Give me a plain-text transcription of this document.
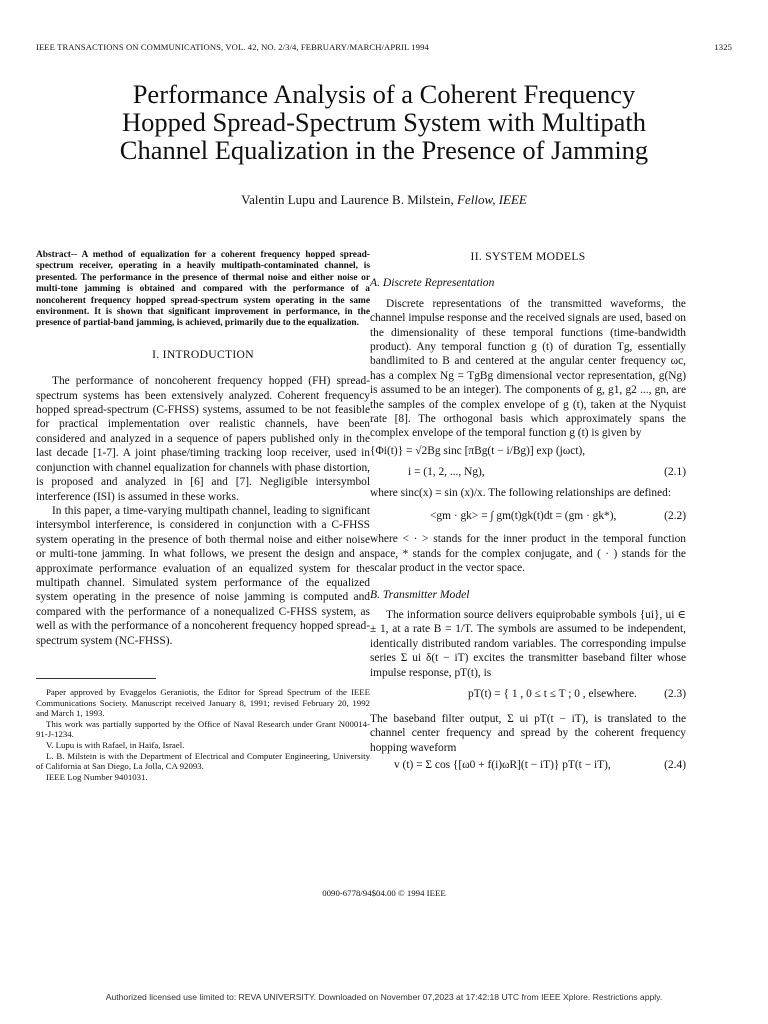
IEEE TRANSACTIONS ON COMMUNICATIONS, VOL. 42, NO. 2/3/4, FEBRUARY/MARCH/APRIL 1994	1325
Performance Analysis of a Coherent Frequency
Hopped Spread-Spectrum System with Multipath
Channel Equalization in the Presence of Jamming
Valentin Lupu and Laurence B. Milstein, Fellow, IEEE
Abstract-- A method of equalization for a coherent frequency hopped spread-spectrum receiver, operating in a heavily multipath-contaminated channel, is presented. The performance in the presence of thermal noise and either noise or multi-tone jamming is obtained and compared with the performance of a noncoherent frequency hopped spread-spectrum system operating in the same environment. It is shown that significant improvement in performance, in the presence of partial-band jamming, is achieved, primarily due to the equalization.
I. INTRODUCTION

The performance of noncoherent frequency hopped (FH) spread-spectrum systems has been extensively analyzed. Coherent frequency hopped spread-spectrum (C-FHSS) systems, assumed to be not feasible for practical implementation over realistic channels, have been considered and analyzed in a sequence of papers published only in the last decade [1-7]. A joint phase/timing tracking loop receiver, used in conjunction with channel equalization for channels with phase distortion, is proposed and analyzed in [6] and [7]. Negligible intersymbol interference (ISI) is assumed in these works.

In this paper, a time-varying multipath channel, leading to significant intersymbol interference, is considered in conjunction with a C-FHSS system operating in the presence of both thermal noise and either noise or multi-tone jamming. In what follows, we present the design and an approximate performance evaluation of an equalized system for the multipath channel. Simulated system performance of the equalized system operating in the presence of noise jamming is computed and compared with the performance of a nonequalized C-FHSS system, as well as with the performance of a noncoherent frequency hopped spread-spectrum system (NC-FHSS).

Paper approved by Evaggelos Geraniotis, the Editor for Spread Spectrum of the IEEE Communications Society. Manuscript received January 8, 1991; revised February 20, 1992 and March 1, 1993.

This work was partially supported by the Office of Naval Research under Grant N00014-91-J-1234.

V. Lupu is with Rafael, in Haifa, Israel.

L. B. Milstein is with the Department of Electrical and Computer Engineering, University of California at San Diego, La Jolla, CA 92093.

IEEE Log Number 9401031.

II. SYSTEM MODELS
A. Discrete Representation

Discrete representations of the transmitted waveforms, the channel impulse response and the received signals are used, based on the dimensionality of these temporal functions (time-bandwidth product). Any temporal function g (t) of duration Tg, essentially bandlimited to B and centered at the angular center frequency ωc, has a complex Ng = TgBg dimensional vector representation, g(Ng) is assumed to be an integer). The components of g, g1, g2 ..., gn, are the samples of the complex envelope of g (t), taken at the Nyquist rate [8]. The orthogonal basis which approximately spans the complex envelope of the temporal function g (t) is given by

{Φi(t)} = √2Bg sinc [πBg(t − i/Bg)] exp (jωct),
i = (1, 2, ..., Ng),	(2.1)

where sinc(x) = sin (x)/x. The following relationships are defined:

<gm · gk> = ∫ gm(t)gk(t)dt = (gm · gk*),	(2.2)

where < · > stands for the inner product in the temporal function space, * stands for the complex conjugate, and ( · ) stands for the scalar product in the vector space.

B. Transmitter Model

The information source delivers equiprobable symbols {ui}, ui ∈ ± 1, at a rate B = 1/T. The symbols are assumed to be independent, identically distributed random variables. The corresponding impulse series Σ ui δ(t − iT) excites the transmitter baseband filter whose impulse response, pT(t), is

pT(t) = { 1 , 0 ≤ t ≤ T ; 0 , elsewhere. (2.3)

The baseband filter output, Σ ui pT(t − iT), is translated to the channel center frequency and spread by the coherent frequency hopping waveform

v (t) = Σ cos {[ω0 + f(i)ωR](t − iT)} pT(t − iT),	(2.4)
0090-6778/94$04.00 © 1994 IEEE
Authorized licensed use limited to: REVA UNIVERSITY. Downloaded on November 07,2023 at 17:42:18 UTC from IEEE Xplore. Restrictions apply.
